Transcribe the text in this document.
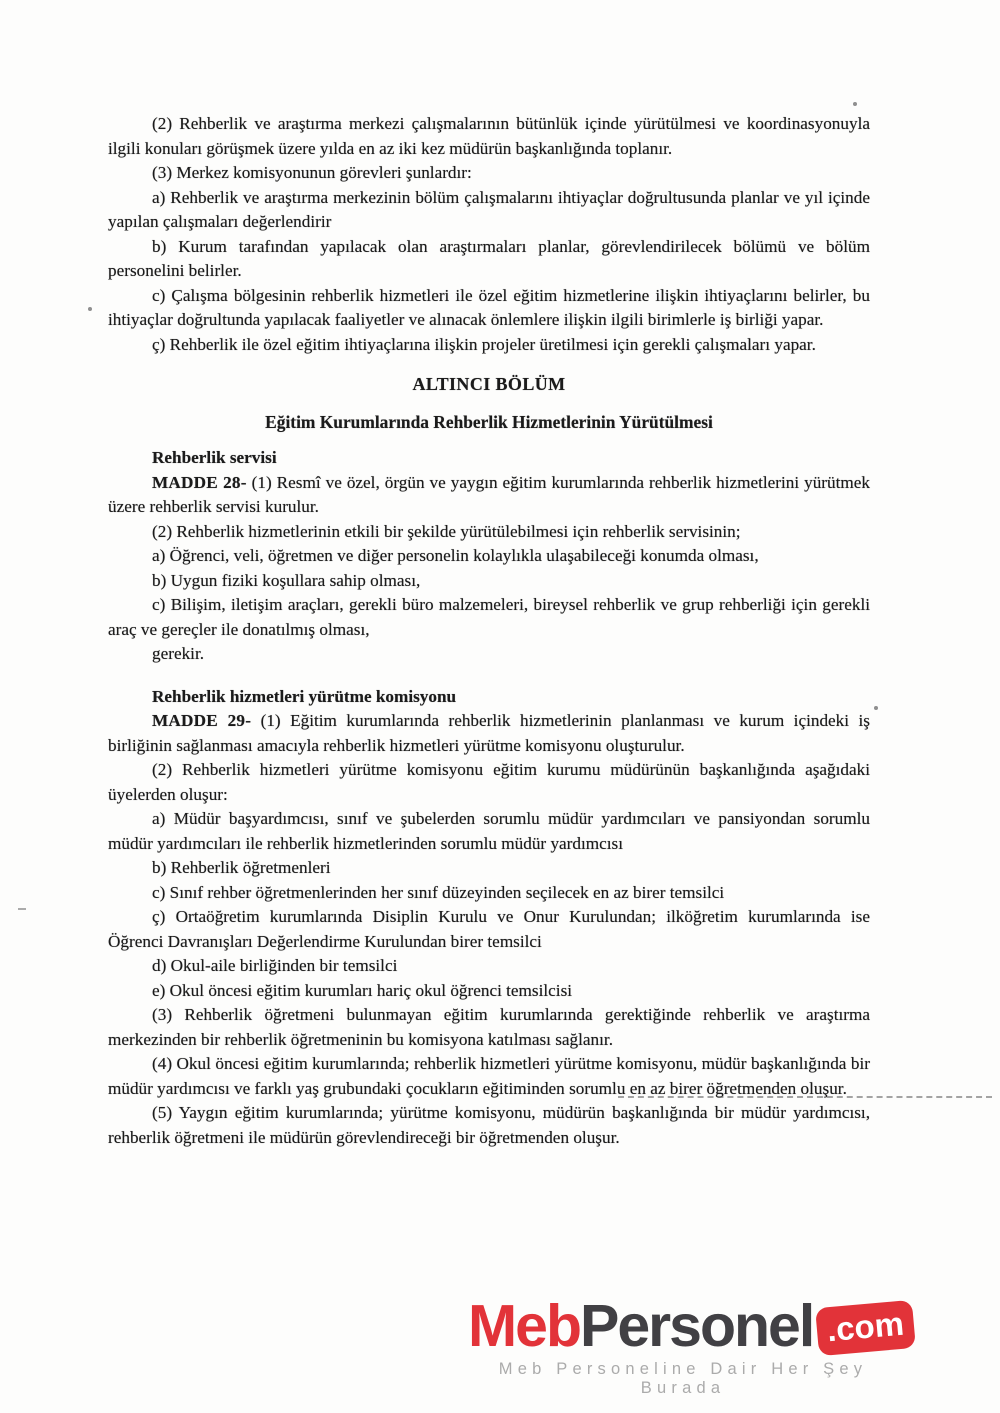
(2) Rehberlik ve araştırma merkezi çalışmalarının bütünlük içinde yürütülmesi ve koordinasyonuyla ilgili konuları görüşmek üzere yılda en az iki kez müdürün başkanlığında toplanır.
(3) Merkez komisyonunun görevleri şunlardır:
a) Rehberlik ve araştırma merkezinin bölüm çalışmalarını ihtiyaçlar doğrultusunda planlar ve yıl içinde yapılan çalışmaları değerlendirir
b) Kurum tarafından yapılacak olan araştırmaları planlar, görevlendirilecek bölümü ve bölüm personelini belirler.
c) Çalışma bölgesinin rehberlik hizmetleri ile özel eğitim hizmetlerine ilişkin ihtiyaçlarını belirler, bu ihtiyaçlar doğrultunda yapılacak faaliyetler ve alınacak önlemlere ilişkin ilgili birimlerle iş birliği yapar.
ç) Rehberlik ile özel eğitim ihtiyaçlarına ilişkin projeler üretilmesi için gerekli çalışmaları yapar.
ALTINCI BÖLÜM
Eğitim Kurumlarında Rehberlik Hizmetlerinin Yürütülmesi
Rehberlik servisi
MADDE 28- (1) Resmî ve özel, örgün ve yaygın eğitim kurumlarında rehberlik hizmetlerini yürütmek üzere rehberlik servisi kurulur.
(2) Rehberlik hizmetlerinin etkili bir şekilde yürütülebilmesi için rehberlik servisinin;
a) Öğrenci, veli, öğretmen ve diğer personelin kolaylıkla ulaşabileceği konumda olması,
b) Uygun fiziki koşullara sahip olması,
c) Bilişim, iletişim araçları, gerekli büro malzemeleri, bireysel rehberlik ve grup rehberliği için gerekli araç ve gereçler ile donatılmış olması,
gerekir.
Rehberlik hizmetleri yürütme komisyonu
MADDE 29- (1) Eğitim kurumlarında rehberlik hizmetlerinin planlanması ve kurum içindeki iş birliğinin sağlanması amacıyla rehberlik hizmetleri yürütme komisyonu oluşturulur.
(2) Rehberlik hizmetleri yürütme komisyonu eğitim kurumu müdürünün başkanlığında aşağıdaki üyelerden oluşur:
a) Müdür başyardımcısı, sınıf ve şubelerden sorumlu müdür yardımcıları ve pansiyondan sorumlu müdür yardımcıları ile rehberlik hizmetlerinden sorumlu müdür yardımcısı
b) Rehberlik öğretmenleri
c) Sınıf rehber öğretmenlerinden her sınıf düzeyinden seçilecek en az birer temsilci
ç) Ortaöğretim kurumlarında Disiplin Kurulu ve Onur Kurulundan; ilköğretim kurumlarında ise Öğrenci Davranışları Değerlendirme Kurulundan birer temsilci
d) Okul-aile birliğinden bir temsilci
e) Okul öncesi eğitim kurumları hariç okul öğrenci temsilcisi
(3) Rehberlik öğretmeni bulunmayan eğitim kurumlarında gerektiğinde rehberlik ve araştırma merkezinden bir rehberlik öğretmeninin bu komisyona katılması sağlanır.
(4) Okul öncesi eğitim kurumlarında; rehberlik hizmetleri yürütme komisyonu, müdür başkanlığında bir müdür yardımcısı ve farklı yaş grubundaki çocukların eğitiminden sorumlu en az birer öğretmenden oluşur.
(5) Yaygın eğitim kurumlarında; yürütme komisyonu, müdürün başkanlığında bir müdür yardımcısı, rehberlik öğretmeni ile müdürün görevlendireceği bir öğretmenden oluşur.
MebPersonel .com
Meb Personeline Dair Her Şey Burada
